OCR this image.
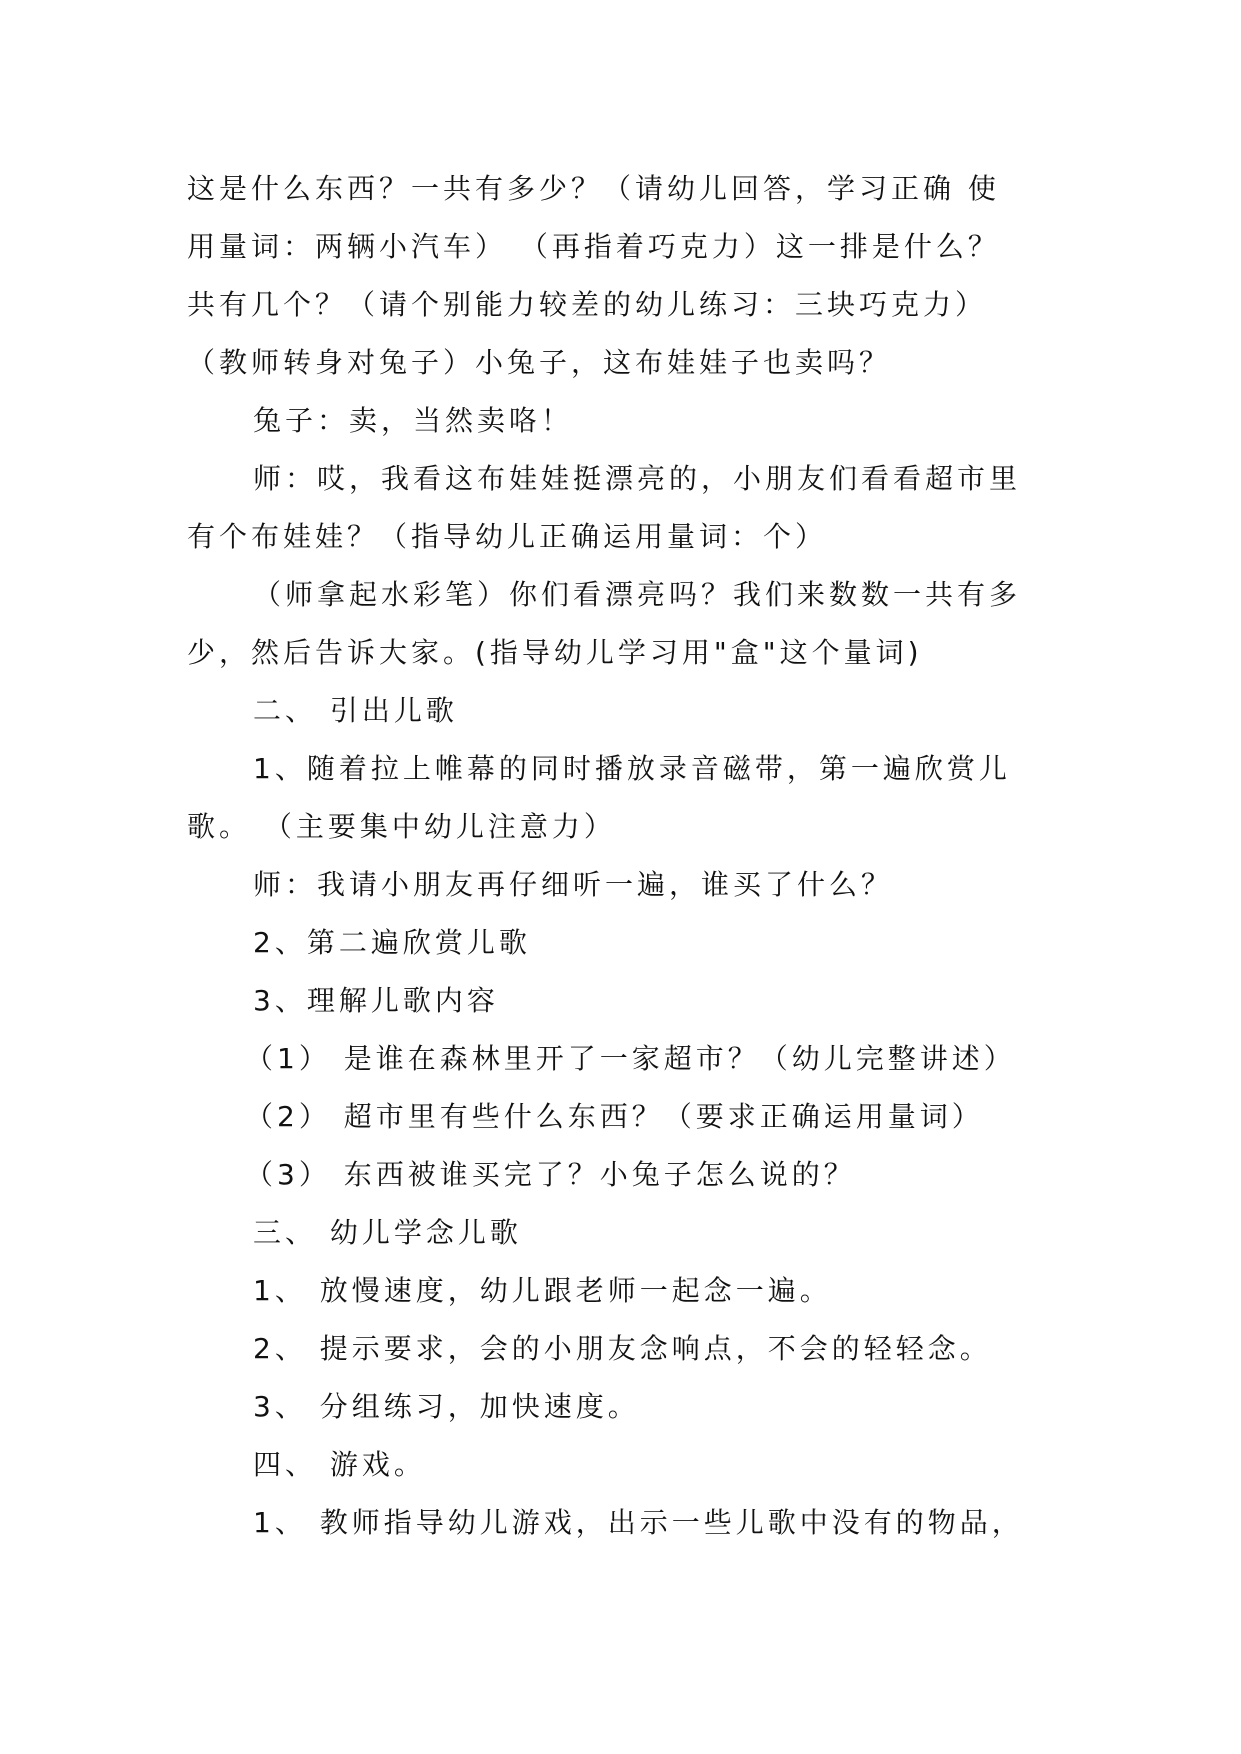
这是什么东西？一共有多少？（请幼儿回答，学习正确 使

用量词：两辆小汽车） （再指着巧克力）这一排是什么？

共有几个？（请个别能力较差的幼儿练习：三块巧克力）

（教师转身对兔子）小兔子，这布娃娃子也卖吗？

兔子：卖，当然卖咯！

师：哎，我看这布娃娃挺漂亮的，小朋友们看看超市里

有个布娃娃？（指导幼儿正确运用量词：个）

（师拿起水彩笔）你们看漂亮吗？我们来数数一共有多

少，然后告诉大家。(指导幼儿学习用"盒"这个量词)

二、 引出儿歌

1、随着拉上帷幕的同时播放录音磁带，第一遍欣赏儿

歌。 （主要集中幼儿注意力）

师：我请小朋友再仔细听一遍，谁买了什么？

2、第二遍欣赏儿歌

3、理解儿歌内容

（1） 是谁在森林里开了一家超市？（幼儿完整讲述）

（2） 超市里有些什么东西？（要求正确运用量词）

（3） 东西被谁买完了？小兔子怎么说的？

三、 幼儿学念儿歌

1、 放慢速度，幼儿跟老师一起念一遍。

2、 提示要求，会的小朋友念响点，不会的轻轻念。

3、 分组练习，加快速度。

四、 游戏。

1、 教师指导幼儿游戏，出示一些儿歌中没有的物品，
